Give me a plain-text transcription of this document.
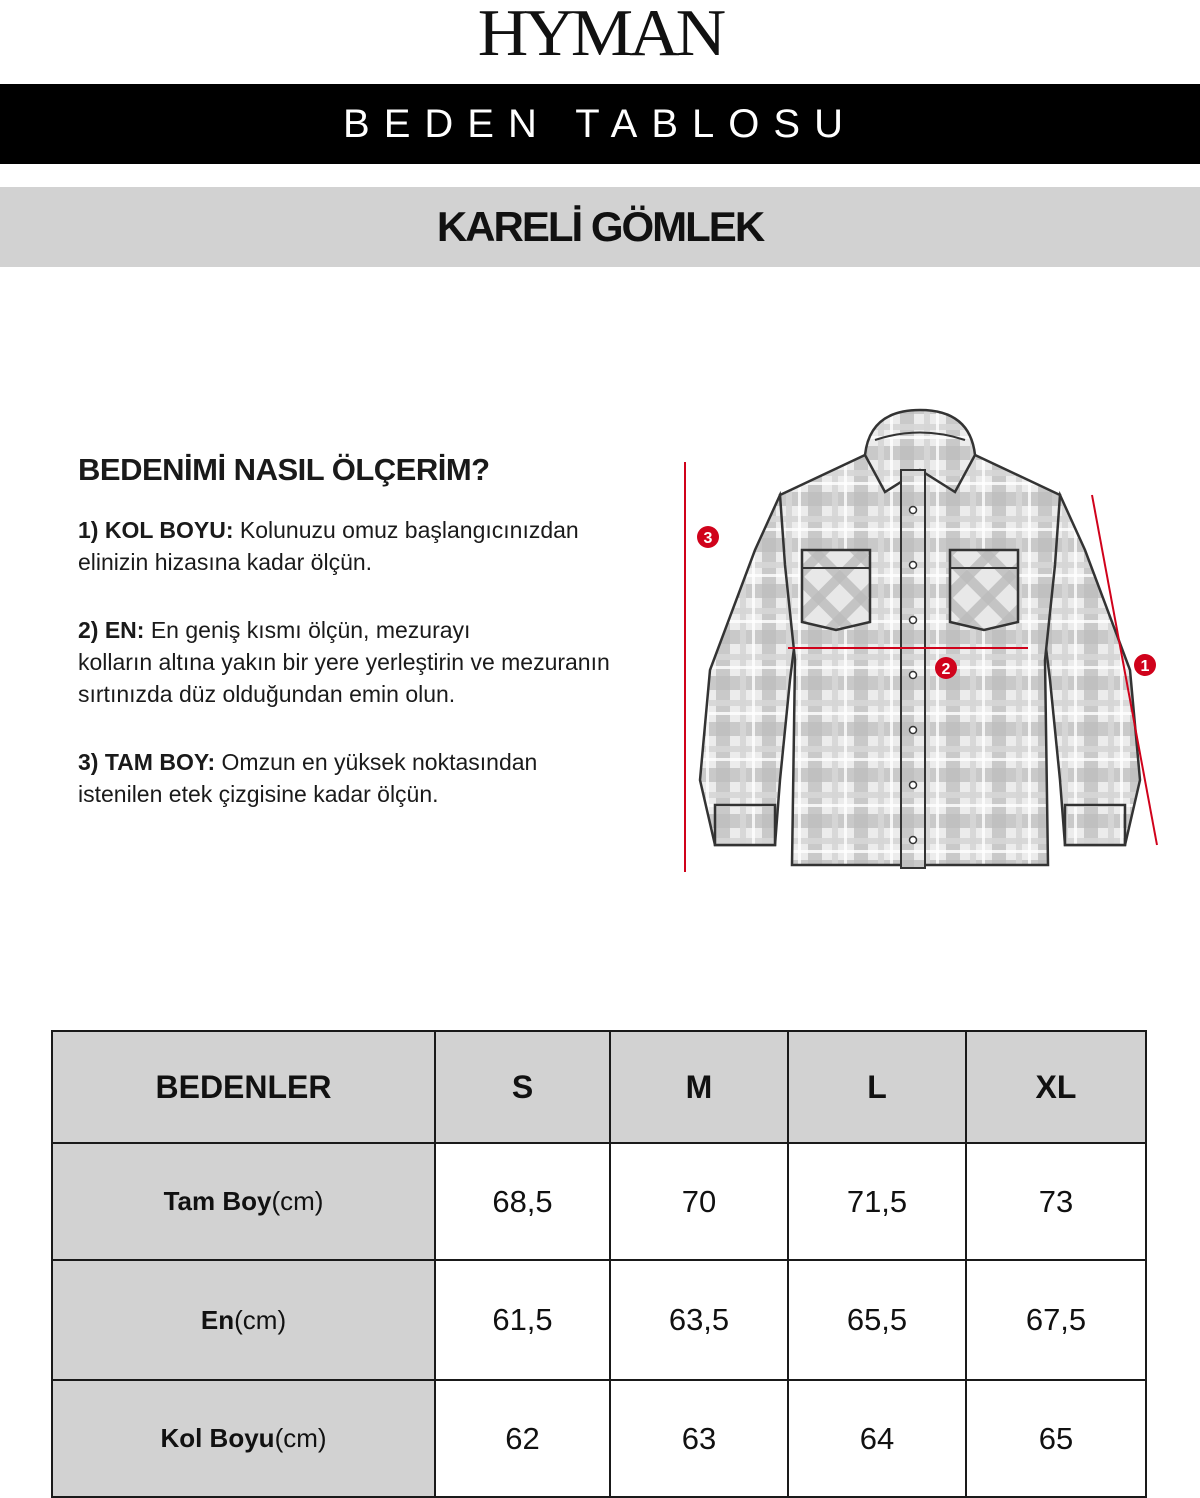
HYMAN
BEDEN TABLOSU
KARELİ GÖMLEK
BEDENİMİ NASIL ÖLÇERİM?
1) KOL BOYU: Kolunuzu omuz başlangıcınızdan
elinizin hizasına kadar ölçün.
2) EN: En geniş kısmı ölçün, mezurayı
kolların altına yakın bir yere yerleştirin ve mezuranın
sırtınızda düz olduğundan emin olun.
3) TAM BOY: Omzun en yüksek noktasından
istenilen etek çizgisine kadar ölçün.
3
2	1
BEDENLER	S	M	L	XL
Tam Boy(cm)	68,5	70	71,5	73
En(cm)	61,5	63,5	65,5	67,5
Kol Boyu(cm)	62	63	64	65
